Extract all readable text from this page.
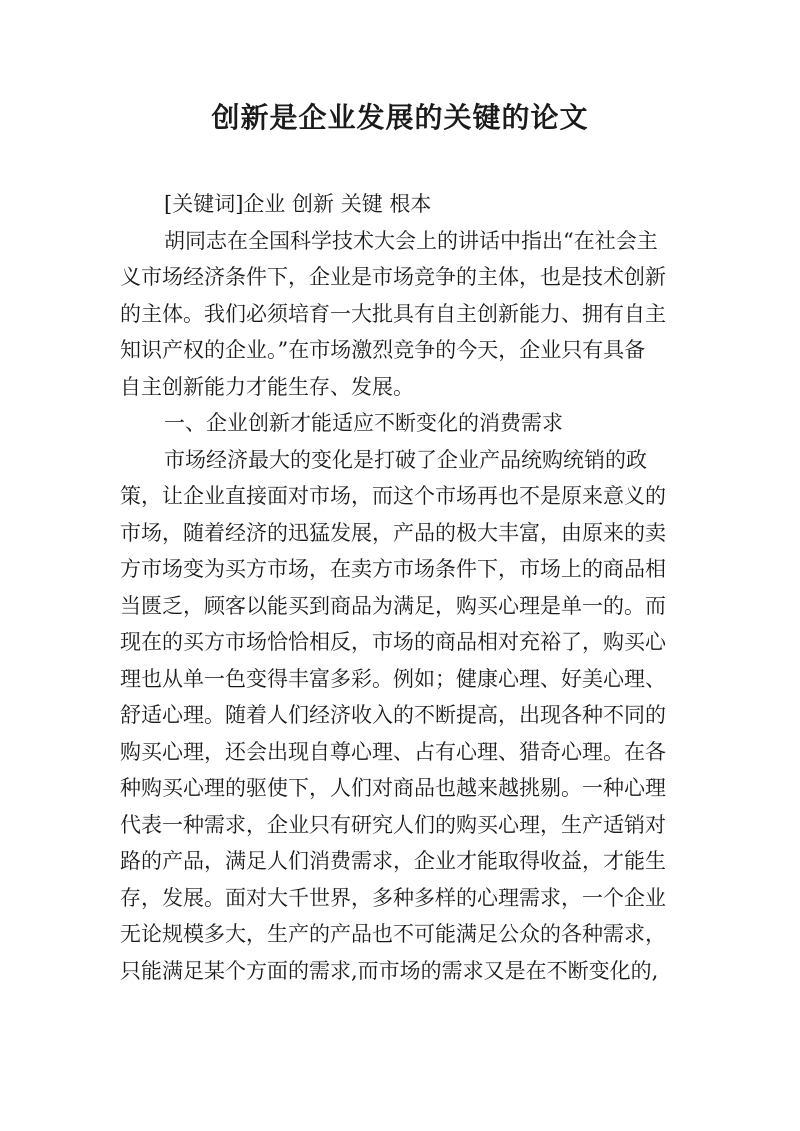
创新是企业发展的关键的论文
[关键词]企业 创新 关键 根本
胡同志在全国科学技术大会上的讲话中指出“在社会主
义市场经济条件下，企业是市场竞争的主体，也是技术创新
的主体。我们必须培育一大批具有自主创新能力、拥有自主
知识产权的企业。”在市场激烈竞争的今天，企业只有具备
自主创新能力才能生存、发展。
一、企业创新才能适应不断变化的消费需求
市场经济最大的变化是打破了企业产品统购统销的政
策，让企业直接面对市场，而这个市场再也不是原来意义的
市场，随着经济的迅猛发展，产品的极大丰富，由原来的卖
方市场变为买方市场，在卖方市场条件下，市场上的商品相
当匮乏，顾客以能买到商品为满足，购买心理是单一的。而
现在的买方市场恰恰相反，市场的商品相对充裕了，购买心
理也从单一色变得丰富多彩。例如；健康心理、好美心理、
舒适心理。随着人们经济收入的不断提高，出现各种不同的
购买心理，还会出现自尊心理、占有心理、猎奇心理。在各
种购买心理的驱使下，人们对商品也越来越挑剔。一种心理
代表一种需求，企业只有研究人们的购买心理，生产适销对
路的产品，满足人们消费需求，企业才能取得收益，才能生
存，发展。面对大千世界，多种多样的心理需求，一个企业
无论规模多大，生产的产品也不可能满足公众的各种需求，
只能满足某个方面的需求,而市场的需求又是在不断变化的,
